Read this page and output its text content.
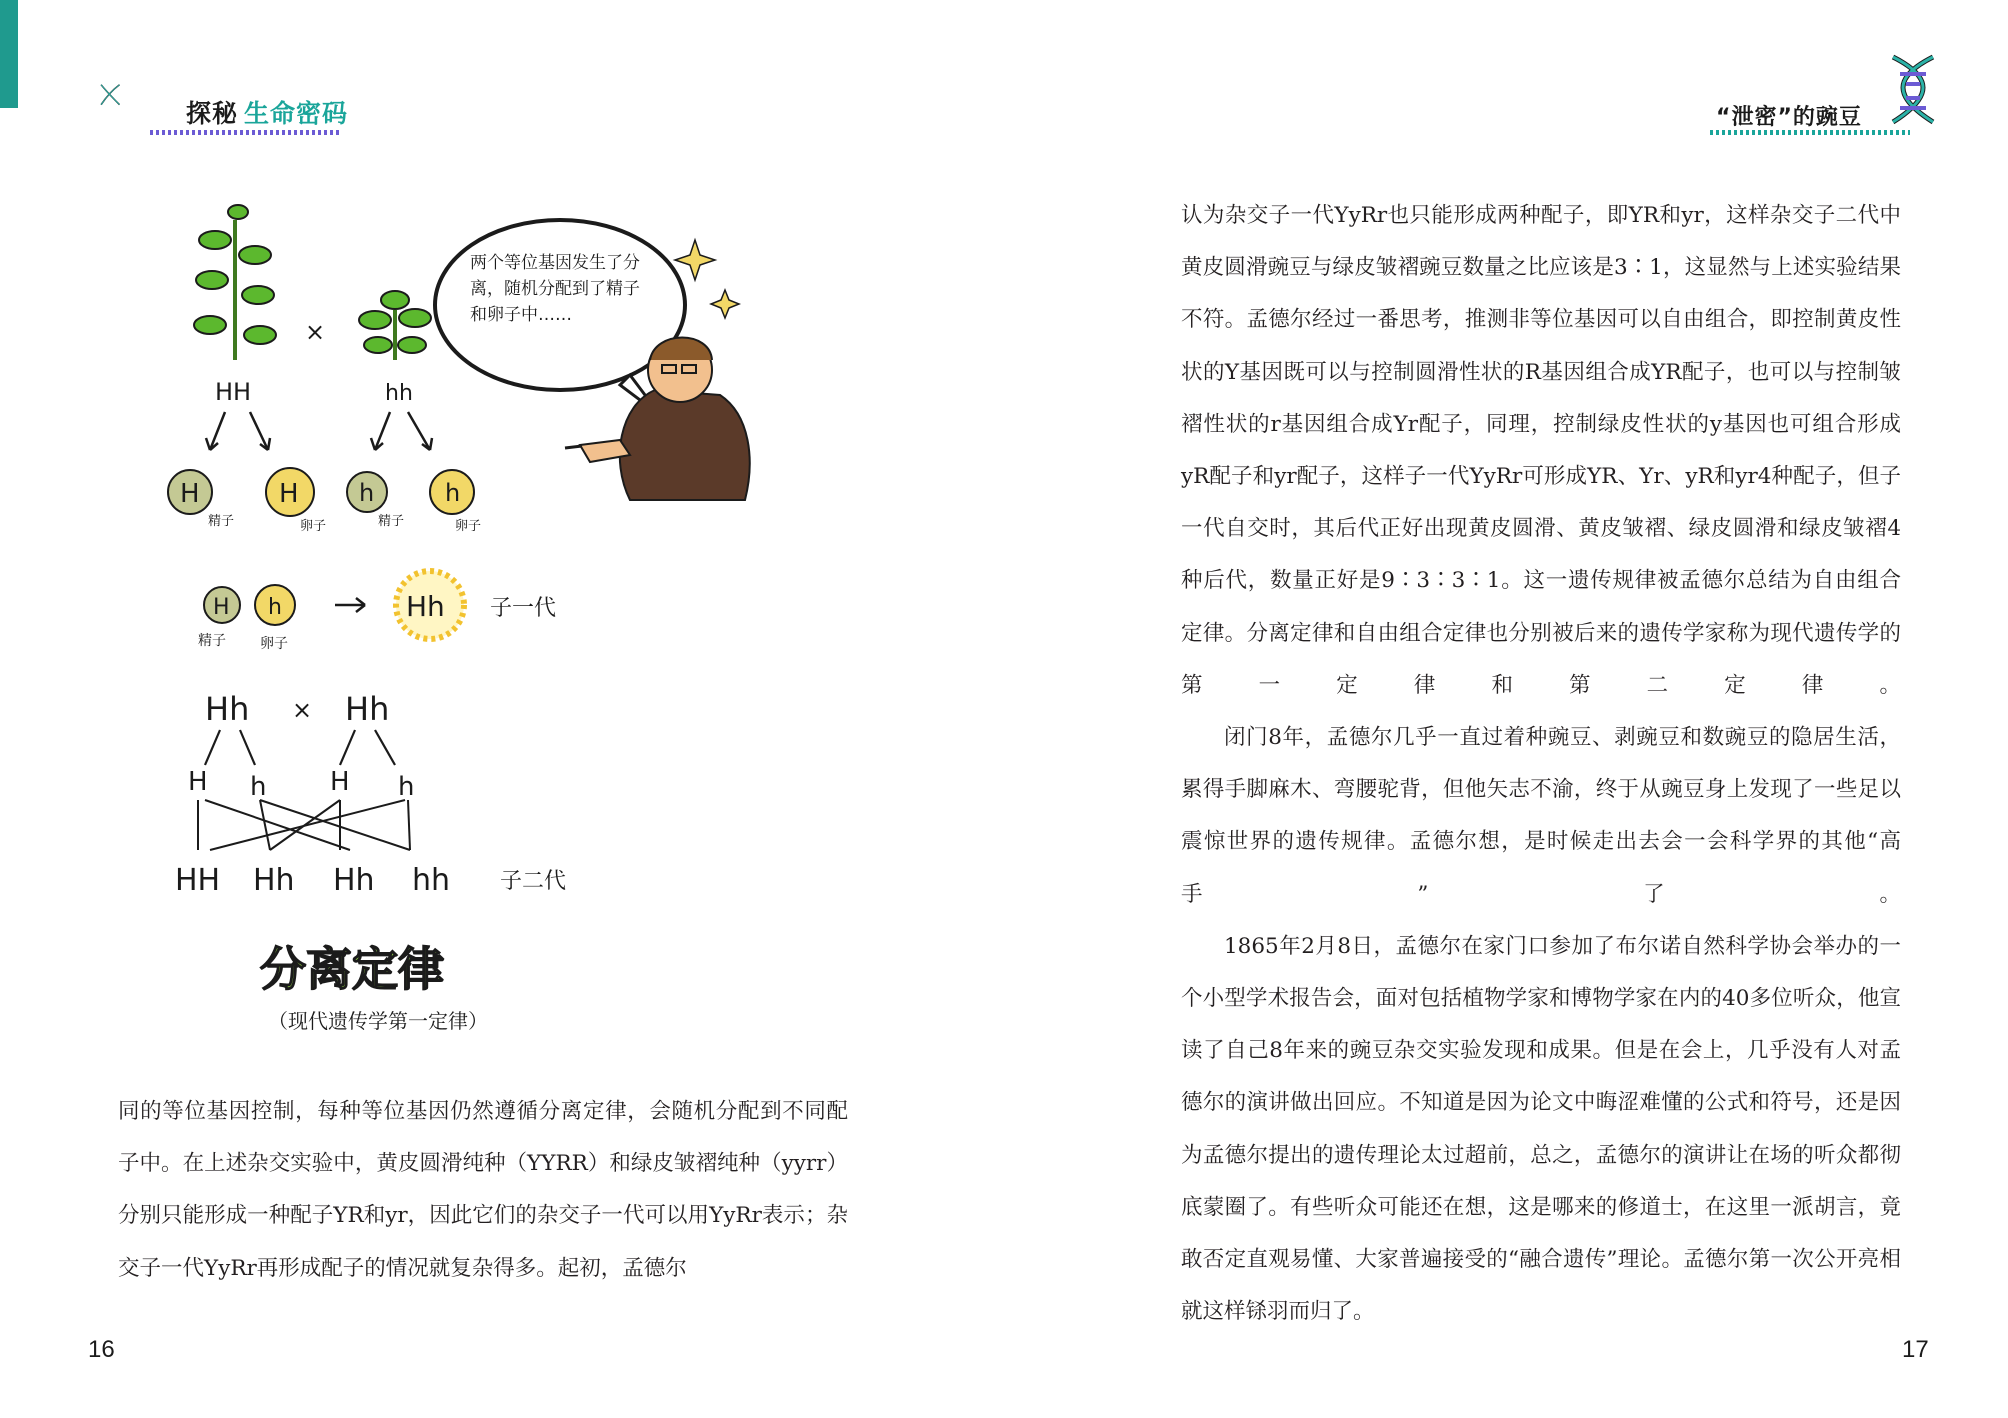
探秘 生命密码	“泄密”的豌豆
×
HH	hh
H
精子
H
卵子
h
精子
h
卵子
H h
精子 卵子
Hh 子一代
Hh × Hh
H h H h
HH Hh Hh hh 子二代
分离定律
（现代遗传学第一定律）
两个等位基因发生了分离，随机分配到了精子和卵子中……

同的等位基因控制，每种等位基因仍然遵循分离定律，会随机分配到不同配子中。在上述杂交实验中，黄皮圆滑纯种（YYRR）和绿皮皱褶纯种（yyrr）分别只能形成一种配子YR和yr，因此它们的杂交子一代可以用YyRr表示；杂交子一代YyRr再形成配子的情况就复杂得多。起初，孟德尔

认为杂交子一代YyRr也只能形成两种配子，即YR和yr，这样杂交子二代中黄皮圆滑豌豆与绿皮皱褶豌豆数量之比应该是3∶1，这显然与上述实验结果不符。孟德尔经过一番思考，推测非等位基因可以自由组合，即控制黄皮性状的Y基因既可以与控制圆滑性状的R基因组合成YR配子，也可以与控制皱褶性状的r基因组合成Yr配子，同理，控制绿皮性状的y基因也可组合形成yR配子和yr配子，这样子一代YyRr可形成YR、Yr、yR和yr4种配子，但子一代自交时，其后代正好出现黄皮圆滑、黄皮皱褶、绿皮圆滑和绿皮皱褶4种后代，数量正好是9∶3∶3∶1。这一遗传规律被孟德尔总结为自由组合定律。分离定律和自由组合定律也分别被后来的遗传学家称为现代遗传学的第一定律和第二定律。

闭门8年，孟德尔几乎一直过着种豌豆、剥豌豆和数豌豆的隐居生活，累得手脚麻木、弯腰驼背，但他矢志不渝，终于从豌豆身上发现了一些足以震惊世界的遗传规律。孟德尔想，是时候走出去会一会科学界的其他“高手”了。

1865年2月8日，孟德尔在家门口参加了布尔诺自然科学协会举办的一个小型学术报告会，面对包括植物学家和博物学家在内的40多位听众，他宣读了自己8年来的豌豆杂交实验发现和成果。但是在会上，几乎没有人对孟德尔的演讲做出回应。不知道是因为论文中晦涩难懂的公式和符号，还是因为孟德尔提出的遗传理论太过超前，总之，孟德尔的演讲让在场的听众都彻底蒙圈了。有些听众可能还在想，这是哪来的修道士，在这里一派胡言，竟敢否定直观易懂、大家普遍接受的“融合遗传”理论。孟德尔第一次公开亮相就这样铩羽而归了。

16	17
